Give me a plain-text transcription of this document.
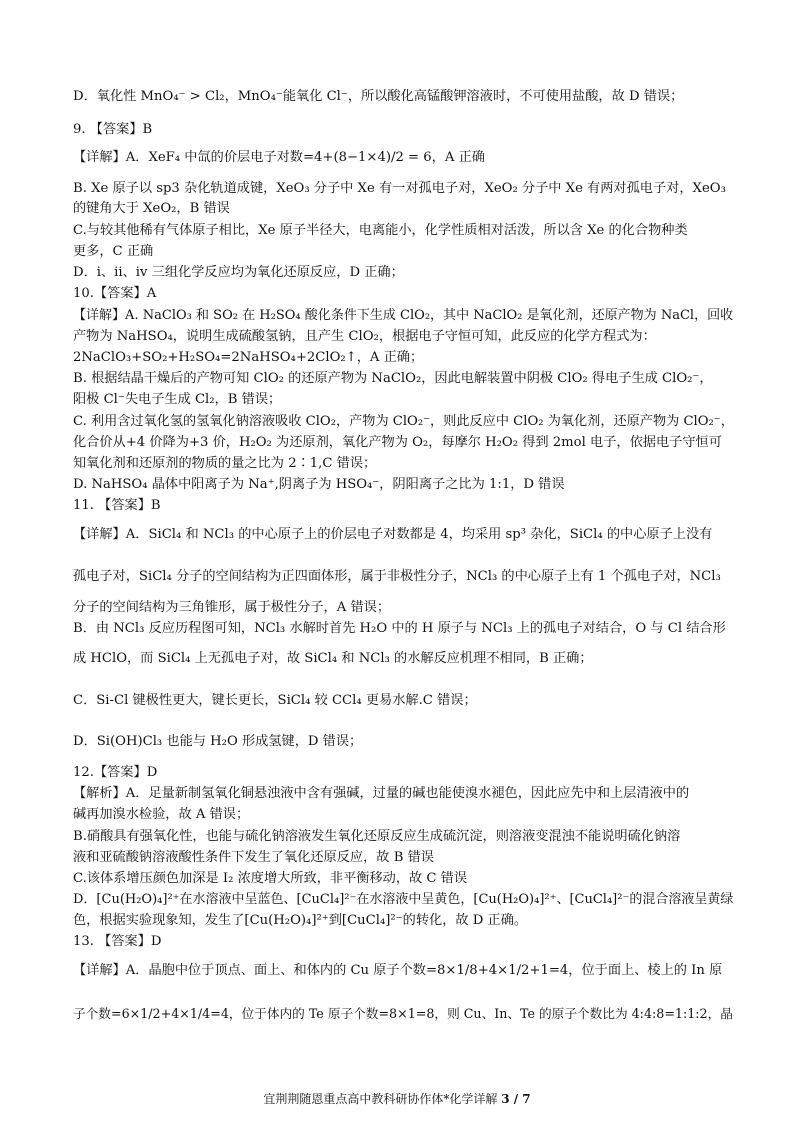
D．氧化性 MnO₄⁻ > Cl₂，MnO₄⁻能氧化 Cl⁻，所以酸化高锰酸钾溶液时，不可使用盐酸，故 D 错误；
9. 【答案】B
【详解】A．XeF₄ 中氙的价层电子对数=4+(8−1×4)/2 = 6，A 正确
B. Xe 原子以 sp3 杂化轨道成键，XeO₃ 分子中 Xe 有一对孤电子对，XeO₂ 分子中 Xe 有两对孤电子对，XeO₃
的键角大于 XeO₂，B 错误
C.与较其他稀有气体原子相比，Xe 原子半径大，电离能小，化学性质相对活泼，所以含 Xe 的化合物种类
更多，C 正确
D．i、ii、iv 三组化学反应均为氧化还原反应，D 正确；
10.【答案】A
【详解】A. NaClO₃ 和 SO₂ 在 H₂SO₄ 酸化条件下生成 ClO₂，其中 NaClO₂ 是氧化剂，还原产物为 NaCl，回收
产物为 NaHSO₄，说明生成硫酸氢钠，且产生 ClO₂，根据电子守恒可知，此反应的化学方程式为：
2NaClO₃+SO₂+H₂SO₄=2NaHSO₄+2ClO₂↑，A 正确；
B. 根据结晶干燥后的产物可知 ClO₂ 的还原产物为 NaClO₂，因此电解装置中阴极 ClO₂ 得电子生成 ClO₂⁻，
阳极 Cl⁻失电子生成 Cl₂，B 错误；
C. 利用含过氧化氢的氢氧化钠溶液吸收 ClO₂，产物为 ClO₂⁻，则此反应中 ClO₂ 为氧化剂，还原产物为 ClO₂⁻，
化合价从+4 价降为+3 价，H₂O₂ 为还原剂，氧化产物为 O₂，每摩尔 H₂O₂ 得到 2mol 电子，依据电子守恒可
知氧化剂和还原剂的物质的量之比为 2∶1,C 错误；
D. NaHSO₄ 晶体中阳离子为 Na⁺,阴离子为 HSO₄⁻，阴阳离子之比为 1:1，D 错误
11. 【答案】B
【详解】A．SiCl₄ 和 NCl₃ 的中心原子上的价层电子对数都是 4，均采用 sp³ 杂化，SiCl₄ 的中心原子上没有
孤电子对，SiCl₄ 分子的空间结构为正四面体形，属于非极性分子，NCl₃ 的中心原子上有 1 个孤电子对，NCl₃
分子的空间结构为三角锥形，属于极性分子，A 错误；
B．由 NCl₃ 反应历程图可知，NCl₃ 水解时首先 H₂O 中的 H 原子与 NCl₃ 上的孤电子对结合，O 与 Cl 结合形
成 HClO，而 SiCl₄ 上无孤电子对，故 SiCl₄ 和 NCl₃ 的水解反应机理不相同，B 正确；
C．Si-Cl 键极性更大，键长更长，SiCl₄ 较 CCl₄ 更易水解.C 错误；
D．Si(OH)Cl₃ 也能与 H₂O 形成氢键，D 错误；
12.【答案】D
【解析】A．足量新制氢氧化铜悬浊液中含有强碱，过量的碱也能使溴水褪色，因此应先中和上层清液中的
碱再加溴水检验，故 A 错误；
B.硝酸具有强氧化性，也能与硫化钠溶液发生氧化还原反应生成硫沉淀，则溶液变混浊不能说明硫化钠溶
液和亚硫酸钠溶液酸性条件下发生了氧化还原反应，故 B 错误
C.该体系增压颜色加深是 I₂ 浓度增大所致，非平衡移动，故 C 错误
D．[Cu(H₂O)₄]²⁺在水溶液中呈蓝色、[CuCl₄]²⁻在水溶液中呈黄色，[Cu(H₂O)₄]²⁺、[CuCl₄]²⁻的混合溶液呈黄绿
色，根据实验现象知，发生了[Cu(H₂O)₄]²⁺到[CuCl₄]²⁻的转化，故 D 正确。
13. 【答案】D
【详解】A．晶胞中位于顶点、面上、和体内的 Cu 原子个数=8×1/8+4×1/2+1=4，位于面上、棱上的 In 原
子个数=6×1/2+4×1/4=4，位于体内的 Te 原子个数=8×1=8，则 Cu、In、Te 的原子个数比为 4:4:8=1:1:2，晶
宜荆荆随恩重点高中教科研协作体*化学详解 3 / 7
